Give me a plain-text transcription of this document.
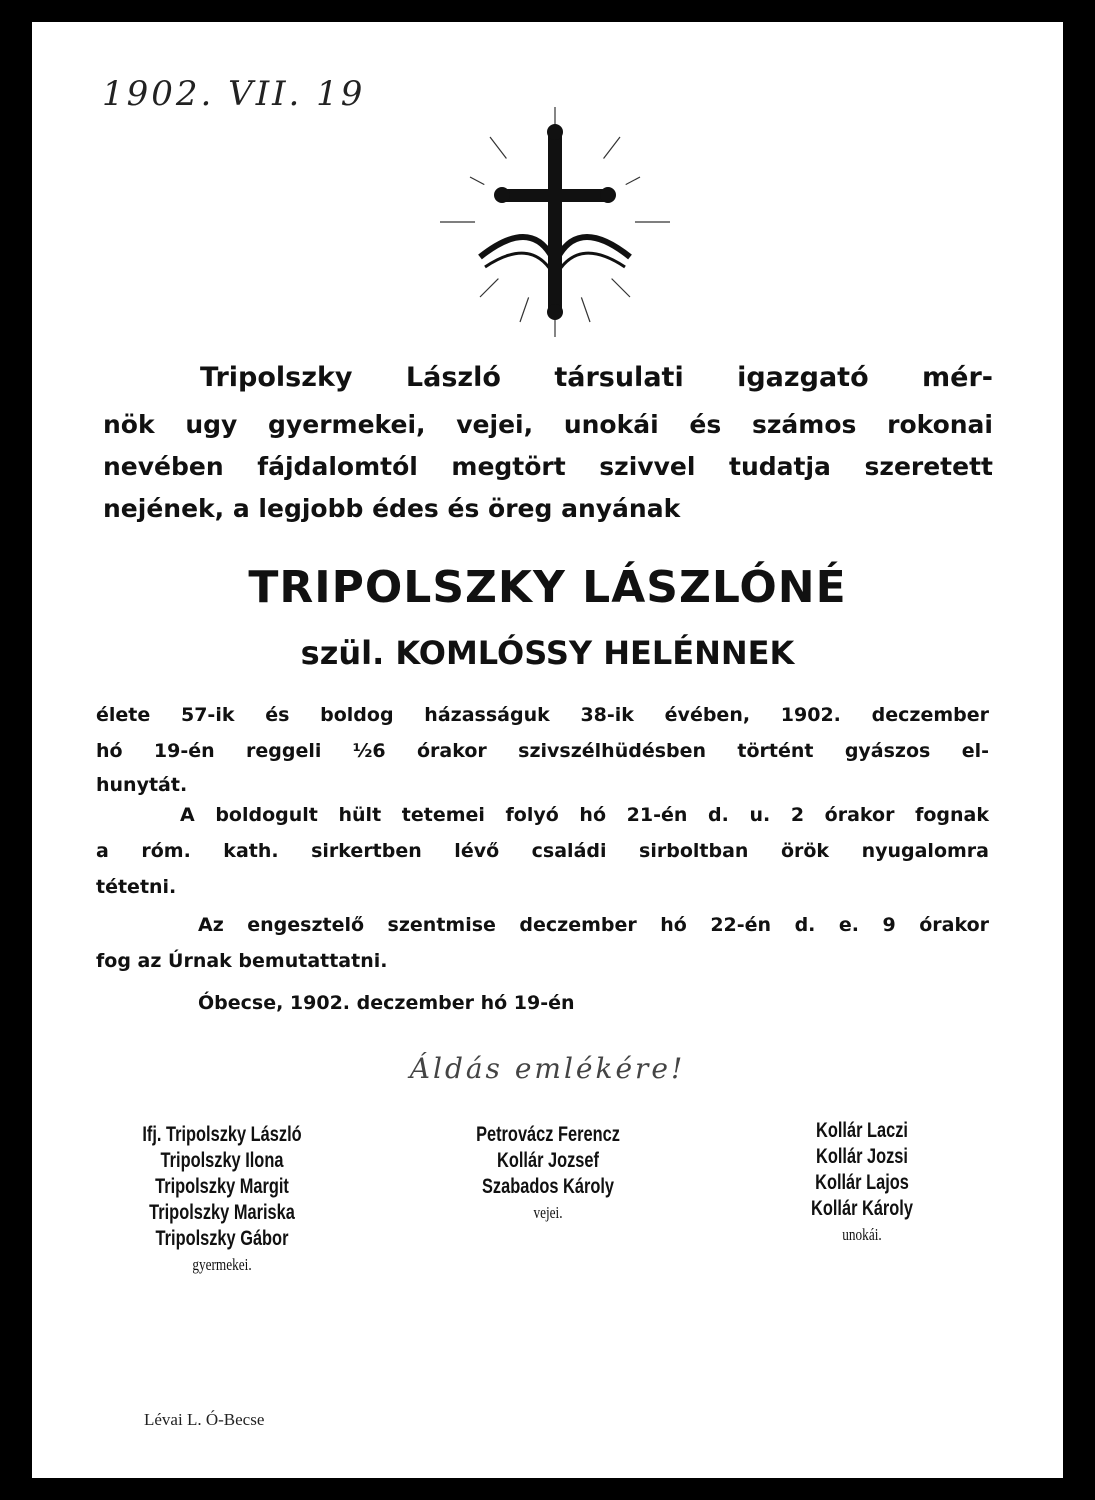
1902. VII. 19
Tripolszky László társulati igazgató mér-
nök ugy gyermekei, vejei, unokái és számos rokonai
nevében fájdalomtól megtört szivvel tudatja szeretett
nejének, a legjobb édes és öreg anyának
TRIPOLSZKY LÁSZLÓNÉ
szül. KOMLÓSSY HELÉNNEK
élete 57-ik és boldog házasságuk 38-ik évében, 1902. deczember
hó 19-én reggeli ½6 órakor szivszélhüdésben történt gyászos el-
hunytát.
A boldogult hült tetemei folyó hó 21-én d. u. 2 órakor fognak
a róm. kath. sirkertben lévő családi sirboltban örök nyugalomra
tétetni.
Az engesztelő szentmise deczember hó 22-én d. e. 9 órakor
fog az Úrnak bemutattatni.
Óbecse, 1902. deczember hó 19-én
Áldás emlékére!
Ifj. Tripolszky László
Tripolszky Ilona
Tripolszky Margit
Tripolszky Mariska
Tripolszky Gábor
gyermekei.
Petrovácz Ferencz
Kollár Jozsef
Szabados Károly
vejei.
Kollár Laczi
Kollár Jozsi
Kollár Lajos
Kollár Károly
unokái.
Lévai L. Ó-Becse
